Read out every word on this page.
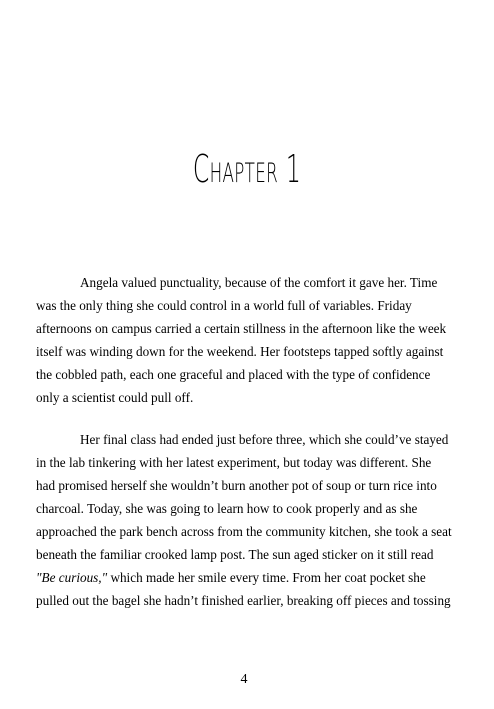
Chapter 1
Angela valued punctuality, because of the comfort it gave her. Time
was the only thing she could control in a world full of variables. Friday
afternoons on campus carried a certain stillness in the afternoon like the week
itself was winding down for the weekend. Her footsteps tapped softly against
the cobbled path, each one graceful and placed with the type of confidence
only a scientist could pull off.
Her final class had ended just before three, which she could’ve stayed
in the lab tinkering with her latest experiment, but today was different. She
had promised herself she wouldn’t burn another pot of soup or turn rice into
charcoal. Today, she was going to learn how to cook properly and as she
approached the park bench across from the community kitchen, she took a seat
beneath the familiar crooked lamp post. The sun aged sticker on it still read
"Be curious," which made her smile every time. From her coat pocket she
pulled out the bagel she hadn’t finished earlier, breaking off pieces and tossing
4
